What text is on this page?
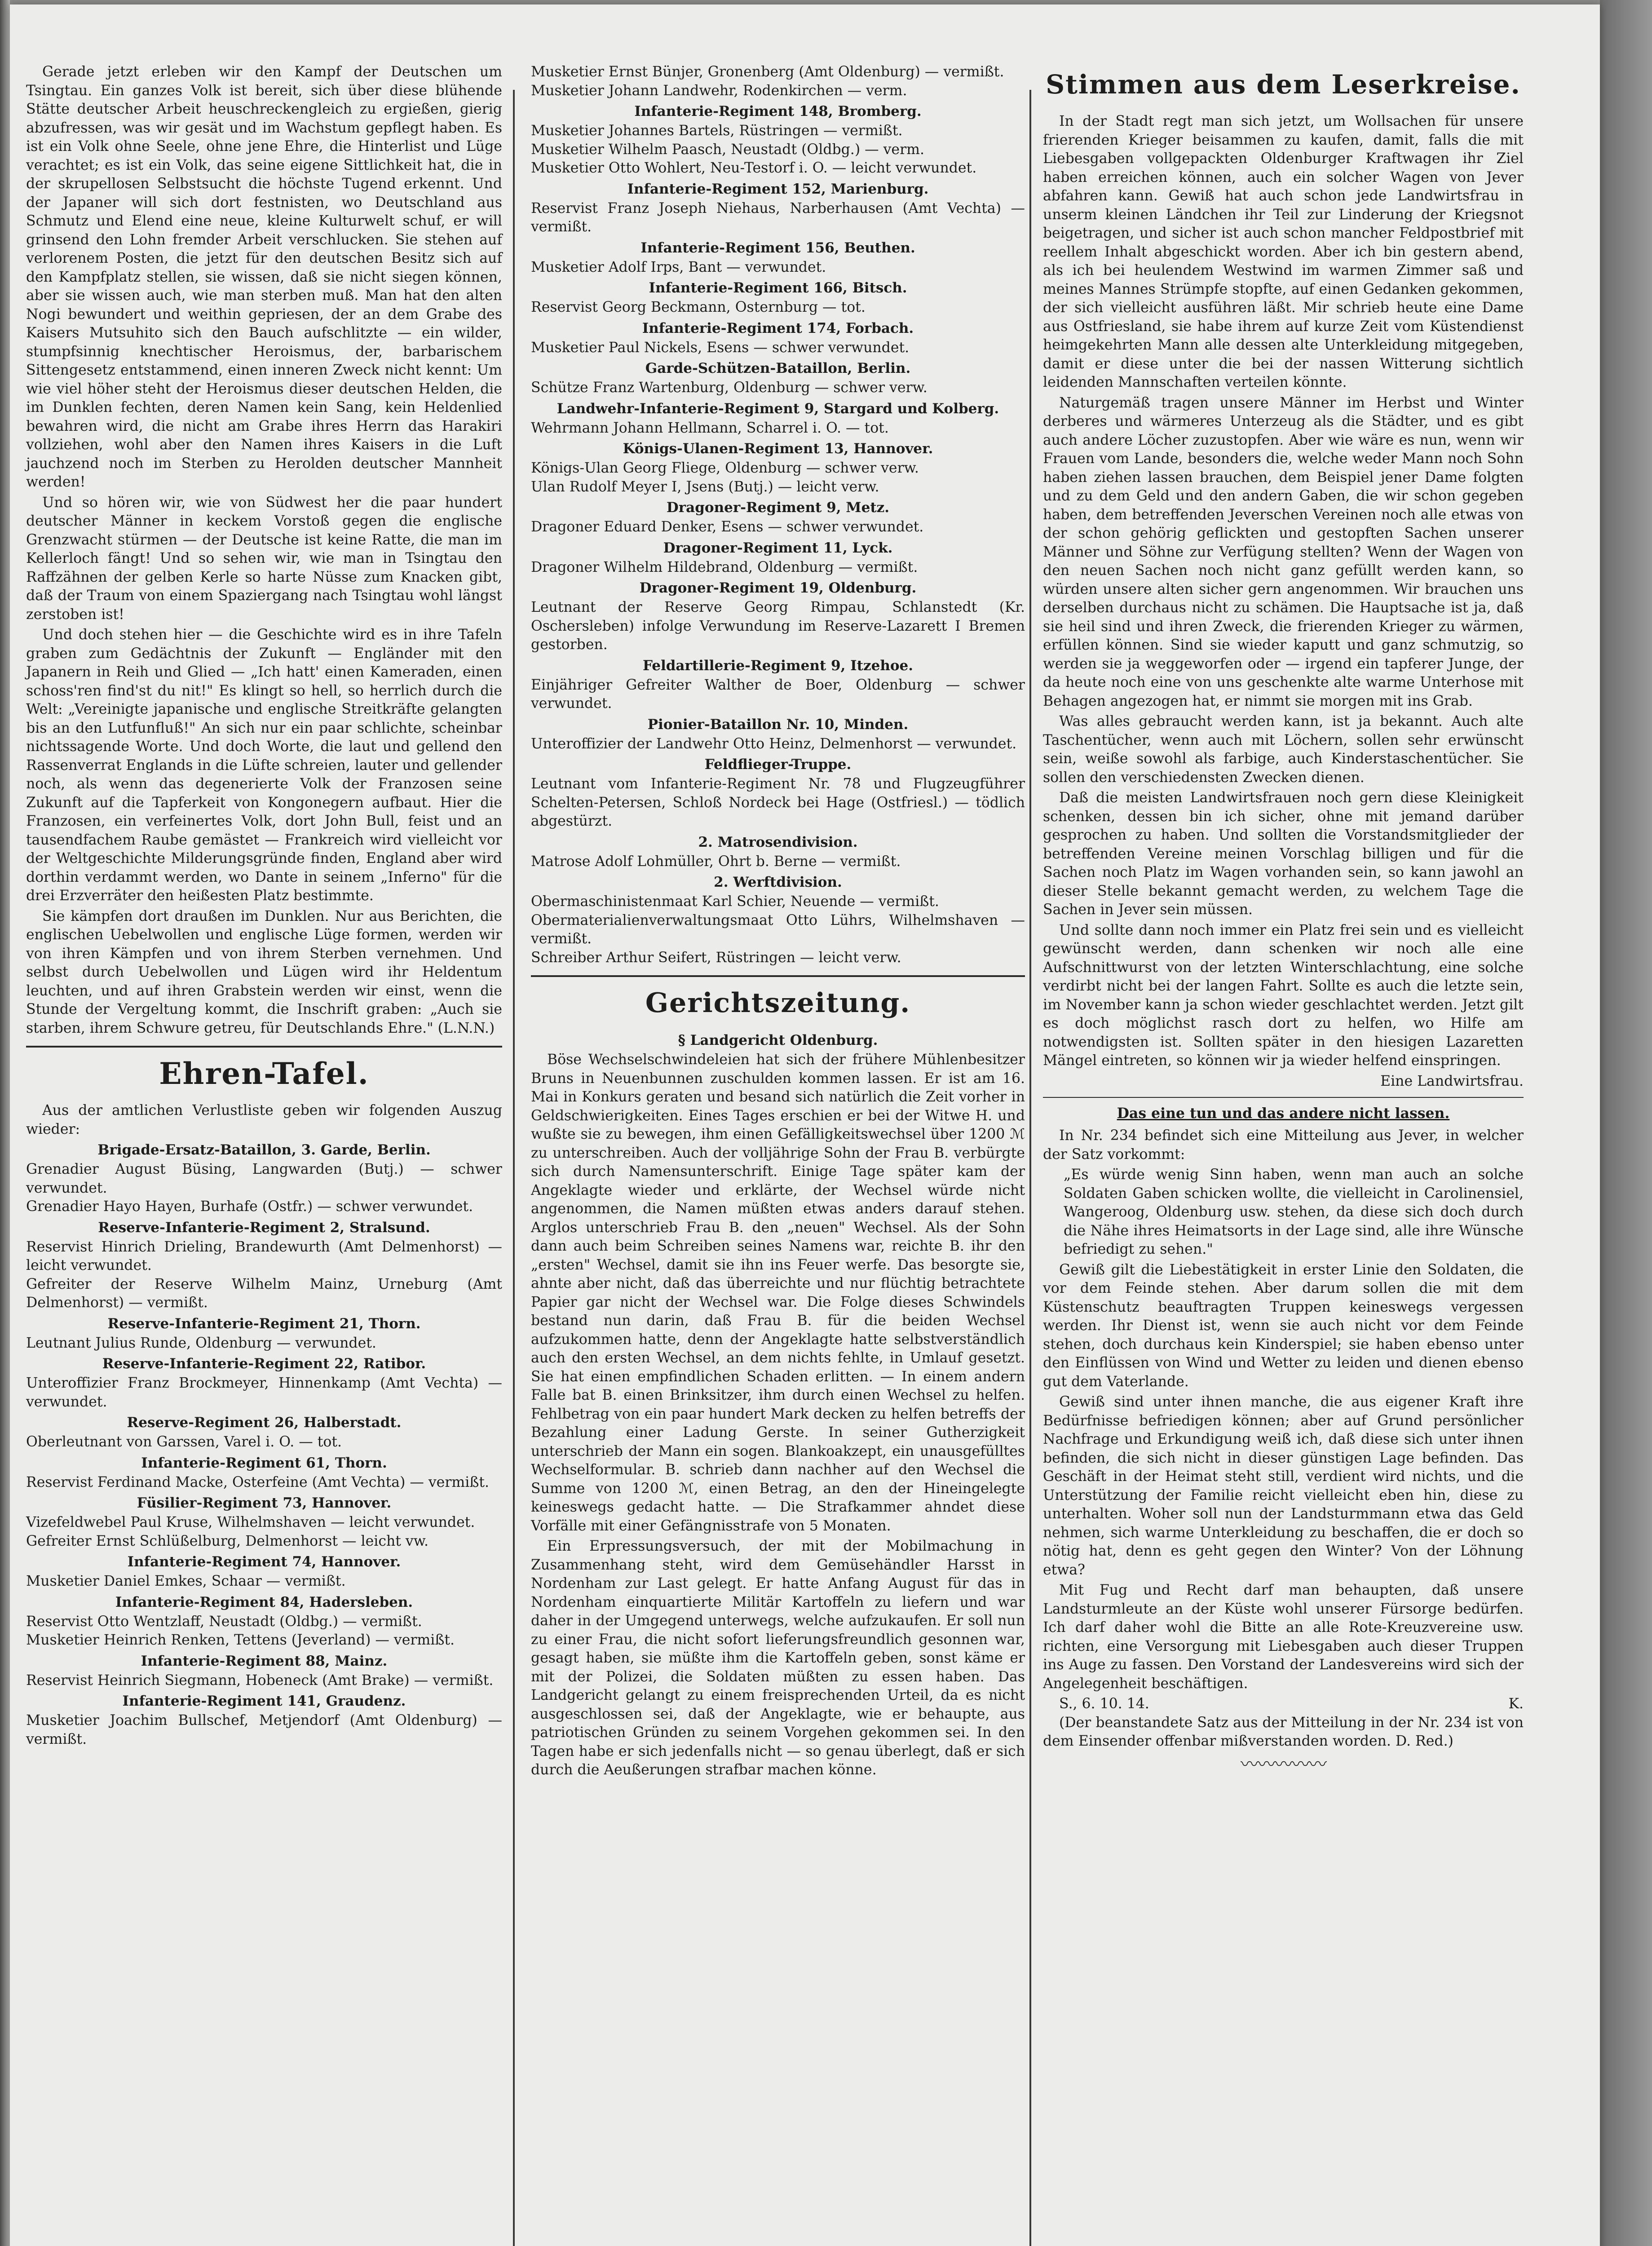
Gerade jetzt erleben wir den Kampf der Deutschen um Tsingtau. Ein ganzes Volk ist bereit, sich über diese blühende Stätte deutscher Arbeit heuschreckengleich zu ergießen, gierig abzufressen, was wir gesät und im Wachstum gepflegt haben. Es ist ein Volk ohne Seele, ohne jene Ehre, die Hinterlist und Lüge verachtet; es ist ein Volk, das seine eigene Sittlichkeit hat, die in der skrupellosen Selbstsucht die höchste Tugend erkennt. Und der Japaner will sich dort festnisten, wo Deutschland aus Schmutz und Elend eine neue, kleine Kulturwelt schuf, er will grinsend den Lohn fremder Arbeit verschlucken. Sie stehen auf verlorenem Posten, die jetzt für den deutschen Besitz sich auf den Kampfplatz stellen, sie wissen, daß sie nicht siegen können, aber sie wissen auch, wie man sterben muß. Man hat den alten Nogi bewundert und weithin gepriesen, der an dem Grabe des Kaisers Mutsuhito sich den Bauch aufschlitzte — ein wilder, stumpfsinnig knechtischer Heroismus, der, barbarischem Sittengesetz entstammend, einen inneren Zweck nicht kennt: Um wie viel höher steht der Heroismus dieser deutschen Helden, die im Dunklen fechten, deren Namen kein Sang, kein Heldenlied bewahren wird, die nicht am Grabe ihres Herrn das Harakiri vollziehen, wohl aber den Namen ihres Kaisers in die Luft jauchzend noch im Sterben zu Herolden deutscher Mannheit werden!

Und so hören wir, wie von Südwest her die paar hundert deutscher Männer in keckem Vorstoß gegen die englische Grenzwacht stürmen — der Deutsche ist keine Ratte, die man im Kellerloch fängt! Und so sehen wir, wie man in Tsingtau den Raffzähnen der gelben Kerle so harte Nüsse zum Knacken gibt, daß der Traum von einem Spaziergang nach Tsingtau wohl längst zerstoben ist!

Und doch stehen hier — die Geschichte wird es in ihre Tafeln graben zum Gedächtnis der Zukunft — Engländer mit den Japanern in Reih und Glied — „Ich hatt' einen Kameraden, einen schoss'ren find'st du nit!" Es klingt so hell, so herrlich durch die Welt: „Vereinigte japanische und englische Streitkräfte gelangten bis an den Lutfunfluß!" An sich nur ein paar schlichte, scheinbar nichtssagende Worte. Und doch Worte, die laut und gellend den Rassenverrat Englands in die Lüfte schreien, lauter und gellender noch, als wenn das degenerierte Volk der Franzosen seine Zukunft auf die Tapferkeit von Kongonegern aufbaut. Hier die Franzosen, ein verfeinertes Volk, dort John Bull, feist und an tausendfachem Raube gemästet — Frankreich wird vielleicht vor der Weltgeschichte Milderungsgründe finden, England aber wird dorthin verdammt werden, wo Dante in seinem „Inferno" für die drei Erzverräter den heißesten Platz bestimmte.

Sie kämpfen dort draußen im Dunklen. Nur aus Berichten, die englischen Uebelwollen und englische Lüge formen, werden wir von ihren Kämpfen und von ihrem Sterben vernehmen. Und selbst durch Uebelwollen und Lügen wird ihr Heldentum leuchten, und auf ihren Grabstein werden wir einst, wenn die Stunde der Vergeltung kommt, die Inschrift graben: „Auch sie starben, ihrem Schwure getreu, für Deutschlands Ehre." (L.N.N.)

Ehren-Tafel.

Aus der amtlichen Verlustliste geben wir folgenden Auszug wieder:

Brigade-Ersatz-Bataillon, 3. Garde, Berlin.

Grenadier August Büsing, Langwarden (Butj.) — schwer verwundet.

Grenadier Hayo Hayen, Burhafe (Ostfr.) — schwer verwundet.

Reserve-Infanterie-Regiment 2, Stralsund.

Reservist Hinrich Drieling, Brandewurth (Amt Delmenhorst) — leicht verwundet.

Gefreiter der Reserve Wilhelm Mainz, Urneburg (Amt Delmenhorst) — vermißt.

Reserve-Infanterie-Regiment 21, Thorn.

Leutnant Julius Runde, Oldenburg — verwundet.

Reserve-Infanterie-Regiment 22, Ratibor.

Unteroffizier Franz Brockmeyer, Hinnenkamp (Amt Vechta) — verwundet.

Reserve-Regiment 26, Halberstadt.

Oberleutnant von Garssen, Varel i. O. — tot.

Infanterie-Regiment 61, Thorn.

Reservist Ferdinand Macke, Osterfeine (Amt Vechta) — vermißt.

Füsilier-Regiment 73, Hannover.

Vizefeldwebel Paul Kruse, Wilhelmshaven — leicht verwundet.

Gefreiter Ernst Schlüßelburg, Delmenhorst — leicht vw.

Infanterie-Regiment 74, Hannover.

Musketier Daniel Emkes, Schaar — vermißt.

Infanterie-Regiment 84, Hadersleben.

Reservist Otto Wentzlaff, Neustadt (Oldbg.) — vermißt.

Musketier Heinrich Renken, Tettens (Jeverland) — vermißt.

Infanterie-Regiment 88, Mainz.

Reservist Heinrich Siegmann, Hobeneck (Amt Brake) — vermißt.

Infanterie-Regiment 141, Graudenz.

Musketier Joachim Bullschef, Metjendorf (Amt Oldenburg) — vermißt.

Musketier Ernst Bünjer, Gronenberg (Amt Oldenburg) — vermißt.

Musketier Johann Landwehr, Rodenkirchen — verm.

Infanterie-Regiment 148, Bromberg.

Musketier Johannes Bartels, Rüstringen — vermißt.

Musketier Wilhelm Paasch, Neustadt (Oldbg.) — verm.

Musketier Otto Wohlert, Neu-Testorf i. O. — leicht verwundet.

Infanterie-Regiment 152, Marienburg.

Reservist Franz Joseph Niehaus, Narberhausen (Amt Vechta) — vermißt.

Infanterie-Regiment 156, Beuthen.

Musketier Adolf Irps, Bant — verwundet.

Infanterie-Regiment 166, Bitsch.

Reservist Georg Beckmann, Osternburg — tot.

Infanterie-Regiment 174, Forbach.

Musketier Paul Nickels, Esens — schwer verwundet.

Garde-Schützen-Bataillon, Berlin.

Schütze Franz Wartenburg, Oldenburg — schwer verw.

Landwehr-Infanterie-Regiment 9, Stargard und Kolberg.

Wehrmann Johann Hellmann, Scharrel i. O. — tot.

Königs-Ulanen-Regiment 13, Hannover.

Königs-Ulan Georg Fliege, Oldenburg — schwer verw.

Ulan Rudolf Meyer I, Jsens (Butj.) — leicht verw.

Dragoner-Regiment 9, Metz.

Dragoner Eduard Denker, Esens — schwer verwundet.

Dragoner-Regiment 11, Lyck.

Dragoner Wilhelm Hildebrand, Oldenburg — vermißt.

Dragoner-Regiment 19, Oldenburg.

Leutnant der Reserve Georg Rimpau, Schlanstedt (Kr. Oschersleben) infolge Verwundung im Reserve-Lazarett I Bremen gestorben.

Feldartillerie-Regiment 9, Itzehoe.

Einjähriger Gefreiter Walther de Boer, Oldenburg — schwer verwundet.

Pionier-Bataillon Nr. 10, Minden.

Unteroffizier der Landwehr Otto Heinz, Delmenhorst — verwundet.

Feldflieger-Truppe.

Leutnant vom Infanterie-Regiment Nr. 78 und Flugzeugführer Schelten-Petersen, Schloß Nordeck bei Hage (Ostfriesl.) — tödlich abgestürzt.

2. Matrosendivision.

Matrose Adolf Lohmüller, Ohrt b. Berne — vermißt.

2. Werftdivision.

Obermaschinistenmaat Karl Schier, Neuende — vermißt.

Obermaterialienverwaltungsmaat Otto Lührs, Wilhelmshaven — vermißt.

Schreiber Arthur Seifert, Rüstringen — leicht verw.

Gerichtszeitung.
§ Landgericht Oldenburg.

Böse Wechselschwindeleien hat sich der frühere Mühlenbesitzer Bruns in Neuenbunnen zuschulden kommen lassen. Er ist am 16. Mai in Konkurs geraten und besand sich natürlich die Zeit vorher in Geldschwierigkeiten. Eines Tages erschien er bei der Witwe H. und wußte sie zu bewegen, ihm einen Gefälligkeitswechsel über 1200 ℳ zu unterschreiben. Auch der volljährige Sohn der Frau B. verbürgte sich durch Namensunterschrift. Einige Tage später kam der Angeklagte wieder und erklärte, der Wechsel würde nicht angenommen, die Namen müßten etwas anders darauf stehen. Arglos unterschrieb Frau B. den „neuen" Wechsel. Als der Sohn dann auch beim Schreiben seines Namens war, reichte B. ihr den „ersten" Wechsel, damit sie ihn ins Feuer werfe. Das besorgte sie, ahnte aber nicht, daß das überreichte und nur flüchtig betrachtete Papier gar nicht der Wechsel war. Die Folge dieses Schwindels bestand nun darin, daß Frau B. für die beiden Wechsel aufzukommen hatte, denn der Angeklagte hatte selbstverständlich auch den ersten Wechsel, an dem nichts fehlte, in Umlauf gesetzt. Sie hat einen empfindlichen Schaden erlitten. — In einem andern Falle bat B. einen Brinksitzer, ihm durch einen Wechsel zu helfen. Fehlbetrag von ein paar hundert Mark decken zu helfen betreffs der Bezahlung einer Ladung Gerste. In seiner Gutherzigkeit unterschrieb der Mann ein sogen. Blankoakzept, ein unausgefülltes Wechselformular. B. schrieb dann nachher auf den Wechsel die Summe von 1200 ℳ, einen Betrag, an den der Hineingelegte keineswegs gedacht hatte. — Die Strafkammer ahndet diese Vorfälle mit einer Gefängnisstrafe von 5 Monaten.

Ein Erpressungsversuch, der mit der Mobilmachung in Zusammenhang steht, wird dem Gemüsehändler Harsst in Nordenham zur Last gelegt. Er hatte Anfang August für das in Nordenham einquartierte Militär Kartoffeln zu liefern und war daher in der Umgegend unterwegs, welche aufzukaufen. Er soll nun zu einer Frau, die nicht sofort lieferungsfreundlich gesonnen war, gesagt haben, sie müßte ihm die Kartoffeln geben, sonst käme er mit der Polizei, die Soldaten müßten zu essen haben. Das Landgericht gelangt zu einem freisprechenden Urteil, da es nicht ausgeschlossen sei, daß der Angeklagte, wie er behaupte, aus patriotischen Gründen zu seinem Vorgehen gekommen sei. In den Tagen habe er sich jedenfalls nicht — so genau überlegt, daß er sich durch die Aeußerungen strafbar machen könne.

Stimmen aus dem Leserkreise.

In der Stadt regt man sich jetzt, um Wollsachen für unsere frierenden Krieger beisammen zu kaufen, damit, falls die mit Liebesgaben vollgepackten Oldenburger Kraftwagen ihr Ziel haben erreichen können, auch ein solcher Wagen von Jever abfahren kann. Gewiß hat auch schon jede Landwirtsfrau in unserm kleinen Ländchen ihr Teil zur Linderung der Kriegsnot beigetragen, und sicher ist auch schon mancher Feldpostbrief mit reellem Inhalt abgeschickt worden. Aber ich bin gestern abend, als ich bei heulendem Westwind im warmen Zimmer saß und meines Mannes Strümpfe stopfte, auf einen Gedanken gekommen, der sich vielleicht ausführen läßt. Mir schrieb heute eine Dame aus Ostfriesland, sie habe ihrem auf kurze Zeit vom Küstendienst heimgekehrten Mann alle dessen alte Unterkleidung mitgegeben, damit er diese unter die bei der nassen Witterung sichtlich leidenden Mannschaften verteilen könnte.

Naturgemäß tragen unsere Männer im Herbst und Winter derberes und wärmeres Unterzeug als die Städter, und es gibt auch andere Löcher zuzustopfen. Aber wie wäre es nun, wenn wir Frauen vom Lande, besonders die, welche weder Mann noch Sohn haben ziehen lassen brauchen, dem Beispiel jener Dame folgten und zu dem Geld und den andern Gaben, die wir schon gegeben haben, dem betreffenden Jeverschen Vereinen noch alle etwas von der schon gehörig geflickten und gestopften Sachen unserer Männer und Söhne zur Verfügung stellten? Wenn der Wagen von den neuen Sachen noch nicht ganz gefüllt werden kann, so würden unsere alten sicher gern angenommen. Wir brauchen uns derselben durchaus nicht zu schämen. Die Hauptsache ist ja, daß sie heil sind und ihren Zweck, die frierenden Krieger zu wärmen, erfüllen können. Sind sie wieder kaputt und ganz schmutzig, so werden sie ja weggeworfen oder — irgend ein tapferer Junge, der da heute noch eine von uns geschenkte alte warme Unterhose mit Behagen angezogen hat, er nimmt sie morgen mit ins Grab.

Was alles gebraucht werden kann, ist ja bekannt. Auch alte Taschentücher, wenn auch mit Löchern, sollen sehr erwünscht sein, weiße sowohl als farbige, auch Kinderstaschentücher. Sie sollen den verschiedensten Zwecken dienen.

Daß die meisten Landwirtsfrauen noch gern diese Kleinigkeit schenken, dessen bin ich sicher, ohne mit jemand darüber gesprochen zu haben. Und sollten die Vorstandsmitglieder der betreffenden Vereine meinen Vorschlag billigen und für die Sachen noch Platz im Wagen vorhanden sein, so kann jawohl an dieser Stelle bekannt gemacht werden, zu welchem Tage die Sachen in Jever sein müssen.

Und sollte dann noch immer ein Platz frei sein und es vielleicht gewünscht werden, dann schenken wir noch alle eine Aufschnittwurst von der letzten Winterschlachtung, eine solche verdirbt nicht bei der langen Fahrt. Sollte es auch die letzte sein, im November kann ja schon wieder geschlachtet werden. Jetzt gilt es doch möglichst rasch dort zu helfen, wo Hilfe am notwendigsten ist. Sollten später in den hiesigen Lazaretten Mängel eintreten, so können wir ja wieder helfend einspringen.

Eine Landwirtsfrau.
Das eine tun und das andere nicht lassen.

In Nr. 234 befindet sich eine Mitteilung aus Jever, in welcher der Satz vorkommt:

„Es würde wenig Sinn haben, wenn man auch an solche Soldaten Gaben schicken wollte, die vielleicht in Carolinensiel, Wangeroog, Oldenburg usw. stehen, da diese sich doch durch die Nähe ihres Heimatsorts in der Lage sind, alle ihre Wünsche befriedigt zu sehen."

Gewiß gilt die Liebestätigkeit in erster Linie den Soldaten, die vor dem Feinde stehen. Aber darum sollen die mit dem Küstenschutz beauftragten Truppen keineswegs vergessen werden. Ihr Dienst ist, wenn sie auch nicht vor dem Feinde stehen, doch durchaus kein Kinderspiel; sie haben ebenso unter den Einflüssen von Wind und Wetter zu leiden und dienen ebenso gut dem Vaterlande.

Gewiß sind unter ihnen manche, die aus eigener Kraft ihre Bedürfnisse befriedigen können; aber auf Grund persönlicher Nachfrage und Erkundigung weiß ich, daß diese sich unter ihnen befinden, die sich nicht in dieser günstigen Lage befinden. Das Geschäft in der Heimat steht still, verdient wird nichts, und die Unterstützung der Familie reicht vielleicht eben hin, diese zu unterhalten. Woher soll nun der Landsturmmann etwa das Geld nehmen, sich warme Unterkleidung zu beschaffen, die er doch so nötig hat, denn es geht gegen den Winter? Von der Löhnung etwa?

Mit Fug und Recht darf man behaupten, daß unsere Landsturmleute an der Küste wohl unserer Fürsorge bedürfen. Ich darf daher wohl die Bitte an alle Rote-Kreuzvereine usw. richten, eine Versorgung mit Liebesgaben auch dieser Truppen ins Auge zu fassen. Den Vorstand der Landesvereins wird sich der Angelegenheit beschäftigen.

S., 6. 10. 14.	K.

(Der beanstandete Satz aus der Mitteilung in der Nr. 234 ist von dem Einsender offenbar mißverstanden worden. D. Red.)

〰〰〰〰〰
